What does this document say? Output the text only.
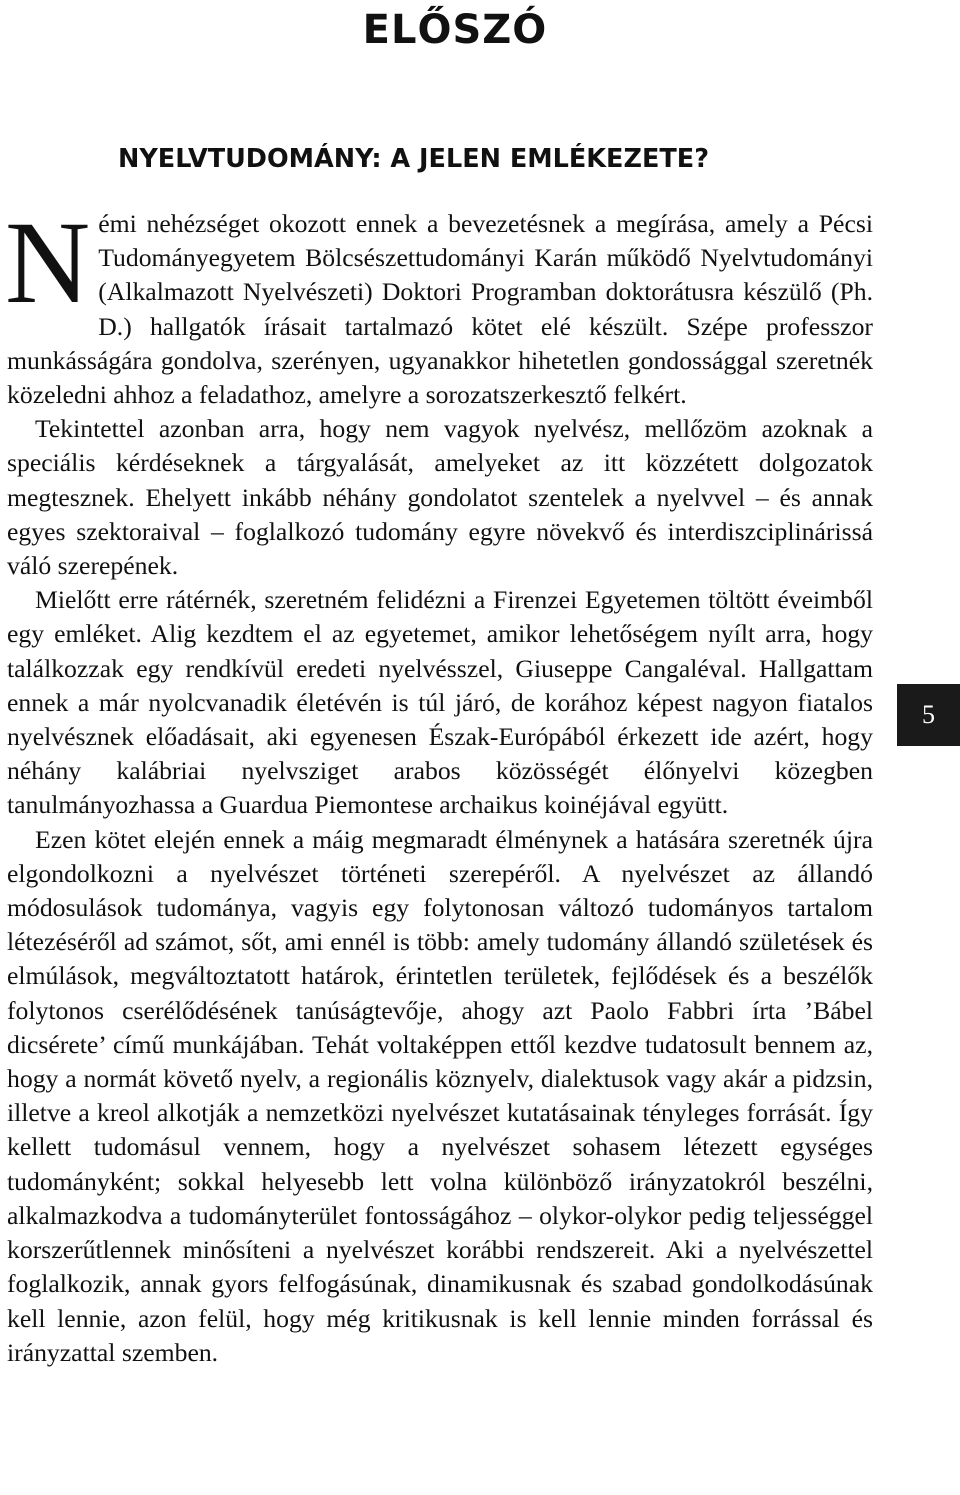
ELŐSZÓ
NYELVTUDOMÁNY: A JELEN EMLÉKEZETE?

Némi nehézséget okozott ennek a bevezetésnek a megírása, amely a Pécsi Tudományegyetem Bölcsészettudományi Karán működő Nyelvtudományi (Alkalmazott Nyelvészeti) Doktori Programban doktorátusra készülő (Ph. D.) hallgatók írásait tartalmazó kötet elé készült. Szépe professzor munkásságára gondolva, szerényen, ugyanakkor hihetetlen gondossággal szeretnék közeledni ahhoz a feladathoz, amelyre a sorozatszerkesztő felkért.

Tekintettel azonban arra, hogy nem vagyok nyelvész, mellőzöm azoknak a speciális kérdéseknek a tárgyalását, amelyeket az itt közzétett dolgozatok megtesznek. Ehelyett inkább néhány gondolatot szentelek a nyelvvel – és annak egyes szektoraival – foglalkozó tudomány egyre növekvő és interdiszciplinárissá váló szerepének.

Mielőtt erre rátérnék, szeretném felidézni a Firenzei Egyetemen töltött éveimből egy emléket. Alig kezdtem el az egyetemet, amikor lehetőségem nyílt arra, hogy találkozzak egy rendkívül eredeti nyelvésszel, Giuseppe Cangaléval. Hallgattam ennek a már nyolcvanadik életévén is túl járó, de korához képest nagyon fiatalos nyelvésznek előadásait, aki egyenesen Észak-Európából érkezett ide azért, hogy néhány kalábriai nyelvsziget arabos közösségét élőnyelvi közegben tanulmányozhassa a Guardua Piemontese archaikus koinéjával együtt.

Ezen kötet elején ennek a máig megmaradt élménynek a hatására szeretnék újra elgondolkozni a nyelvészet történeti szerepéről. A nyelvészet az állandó módosulások tudománya, vagyis egy folytonosan változó tudományos tartalom létezéséről ad számot, sőt, ami ennél is több: amely tudomány állandó születések és elmúlások, megváltoztatott határok, érintetlen területek, fejlődések és a beszélők folytonos cserélődésének tanúságtevője, ahogy azt Paolo Fabbri írta ’Bábel dicsérete’ című munkájában. Tehát voltaképpen ettől kezdve tudatosult bennem az, hogy a normát követő nyelv, a regionális köznyelv, dialektusok vagy akár a pidzsin, illetve a kreol alkotják a nemzetközi nyelvészet kutatásainak tényleges forrását. Így kellett tudomásul vennem, hogy a nyelvészet sohasem létezett egységes tudományként; sokkal helyesebb lett volna különböző irányzatokról beszélni, alkalmazkodva a tudományterület fontosságához – olykor-olykor pedig teljességgel korszerűtlennek minősíteni a nyelvészet korábbi rendszereit. Aki a nyelvészettel foglalkozik, annak gyors felfogásúnak, dinamikusnak és szabad gondolkodásúnak kell lennie, azon felül, hogy még kritikusnak is kell lennie minden forrással és irányzattal szemben.

5
